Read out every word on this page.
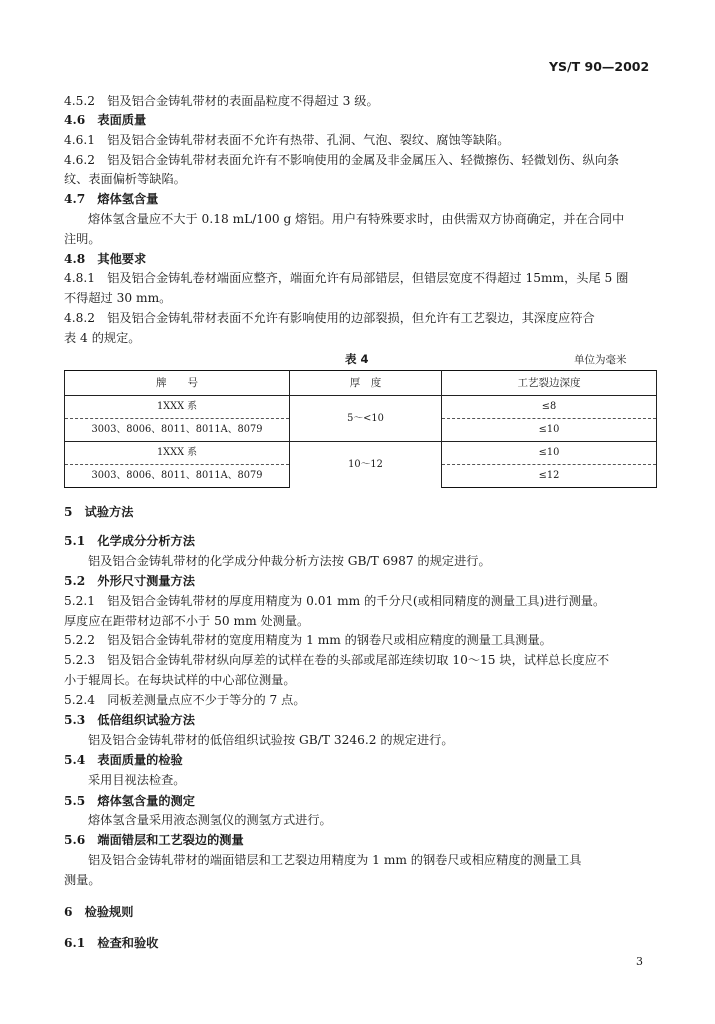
YS/T 90—2002
4.5.2　铝及铝合金铸轧带材的表面晶粒度不得超过 3 级。
4.6　表面质量
4.6.1　铝及铝合金铸轧带材表面不允许有热带、孔洞、气泡、裂纹、腐蚀等缺陷。
4.6.2　铝及铝合金铸轧带材表面允许有不影响使用的金属及非金属压入、轻微擦伤、轻微划伤、纵向条
纹、表面偏析等缺陷。
4.7　熔体氢含量
熔体氢含量应不大于 0.18 mL/100 g 熔铝。用户有特殊要求时，由供需双方协商确定，并在合同中
注明。
4.8　其他要求
4.8.1　铝及铝合金铸轧卷材端面应整齐，端面允许有局部错层，但错层宽度不得超过 15mm，头尾 5 圈
不得超过 30 mm。
4.8.2　铝及铝合金铸轧带材表面不允许有影响使用的边部裂损，但允许有工艺裂边，其深度应符合
表 4 的规定。
表 4	单位为毫米
牌　　号	厚　度	工艺裂边深度
1XXX 系	5～<10	≤8
3003、8006、8011、8011A、8079		≤10
1XXX 系	10～12	≤10
3003、8006、8011、8011A、8079		≤12
5　试验方法
5.1　化学成分分析方法
铝及铝合金铸轧带材的化学成分仲裁分析方法按 GB/T 6987 的规定进行。
5.2　外形尺寸测量方法
5.2.1　铝及铝合金铸轧带材的厚度用精度为 0.01 mm 的千分尺(或相同精度的测量工具)进行测量。
厚度应在距带材边部不小于 50 mm 处测量。
5.2.2　铝及铝合金铸轧带材的宽度用精度为 1 mm 的钢卷尺或相应精度的测量工具测量。
5.2.3　铝及铝合金铸轧带材纵向厚差的试样在卷的头部或尾部连续切取 10～15 块，试样总长度应不
小于辊周长。在每块试样的中心部位测量。
5.2.4　同板差测量点应不少于等分的 7 点。
5.3　低倍组织试验方法
铝及铝合金铸轧带材的低倍组织试验按 GB/T 3246.2 的规定进行。
5.4　表面质量的检验
采用目视法检查。
5.5　熔体氢含量的测定
熔体氢含量采用液态测氢仪的测氢方式进行。
5.6　端面错层和工艺裂边的测量
铝及铝合金铸轧带材的端面错层和工艺裂边用精度为 1 mm 的钢卷尺或相应精度的测量工具
测量。
6　检验规则
6.1　检查和验收
3
